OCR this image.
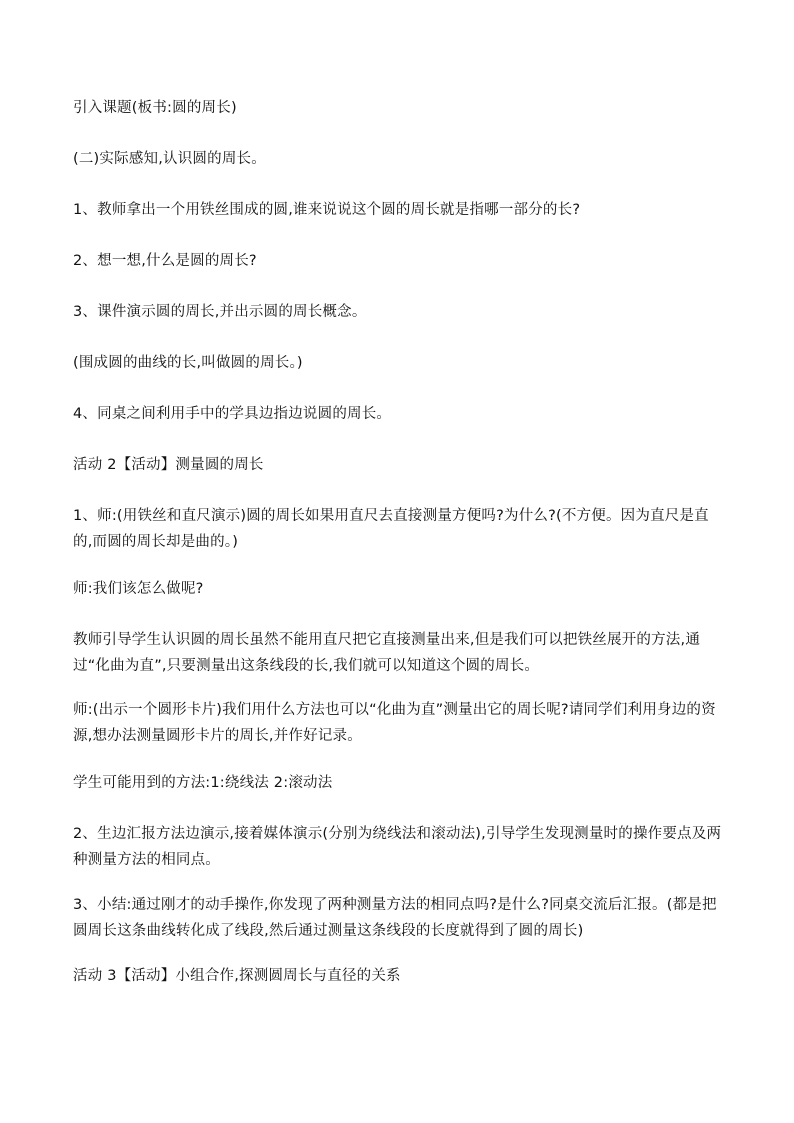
引入课题(板书:圆的周长)

(二)实际感知,认识圆的周长。

1、教师拿出一个用铁丝围成的圆,谁来说说这个圆的周长就是指哪一部分的长?

2、想一想,什么是圆的周长?

3、课件演示圆的周长,并出示圆的周长概念。

(围成圆的曲线的长,叫做圆的周长。)

4、同桌之间利用手中的学具边指边说圆的周长。

活动 2【活动】测量圆的周长

1、师:(用铁丝和直尺演示)圆的周长如果用直尺去直接测量方便吗?为什么?(不方便。因为直尺是直的,而圆的周长却是曲的。)

师:我们该怎么做呢?

教师引导学生认识圆的周长虽然不能用直尺把它直接测量出来,但是我们可以把铁丝展开的方法,通过“化曲为直”,只要测量出这条线段的长,我们就可以知道这个圆的周长。

师:(出示一个圆形卡片)我们用什么方法也可以“化曲为直”测量出它的周长呢?请同学们利用身边的资源,想办法测量圆形卡片的周长,并作好记录。

学生可能用到的方法:1:绕线法 2:滚动法

2、生边汇报方法边演示,接着媒体演示(分别为绕线法和滚动法),引导学生发现测量时的操作要点及两种测量方法的相同点。

3、小结:通过刚才的动手操作,你发现了两种测量方法的相同点吗?是什么?同桌交流后汇报。(都是把圆周长这条曲线转化成了线段,然后通过测量这条线段的长度就得到了圆的周长)

活动 3【活动】小组合作,探测圆周长与直径的关系
